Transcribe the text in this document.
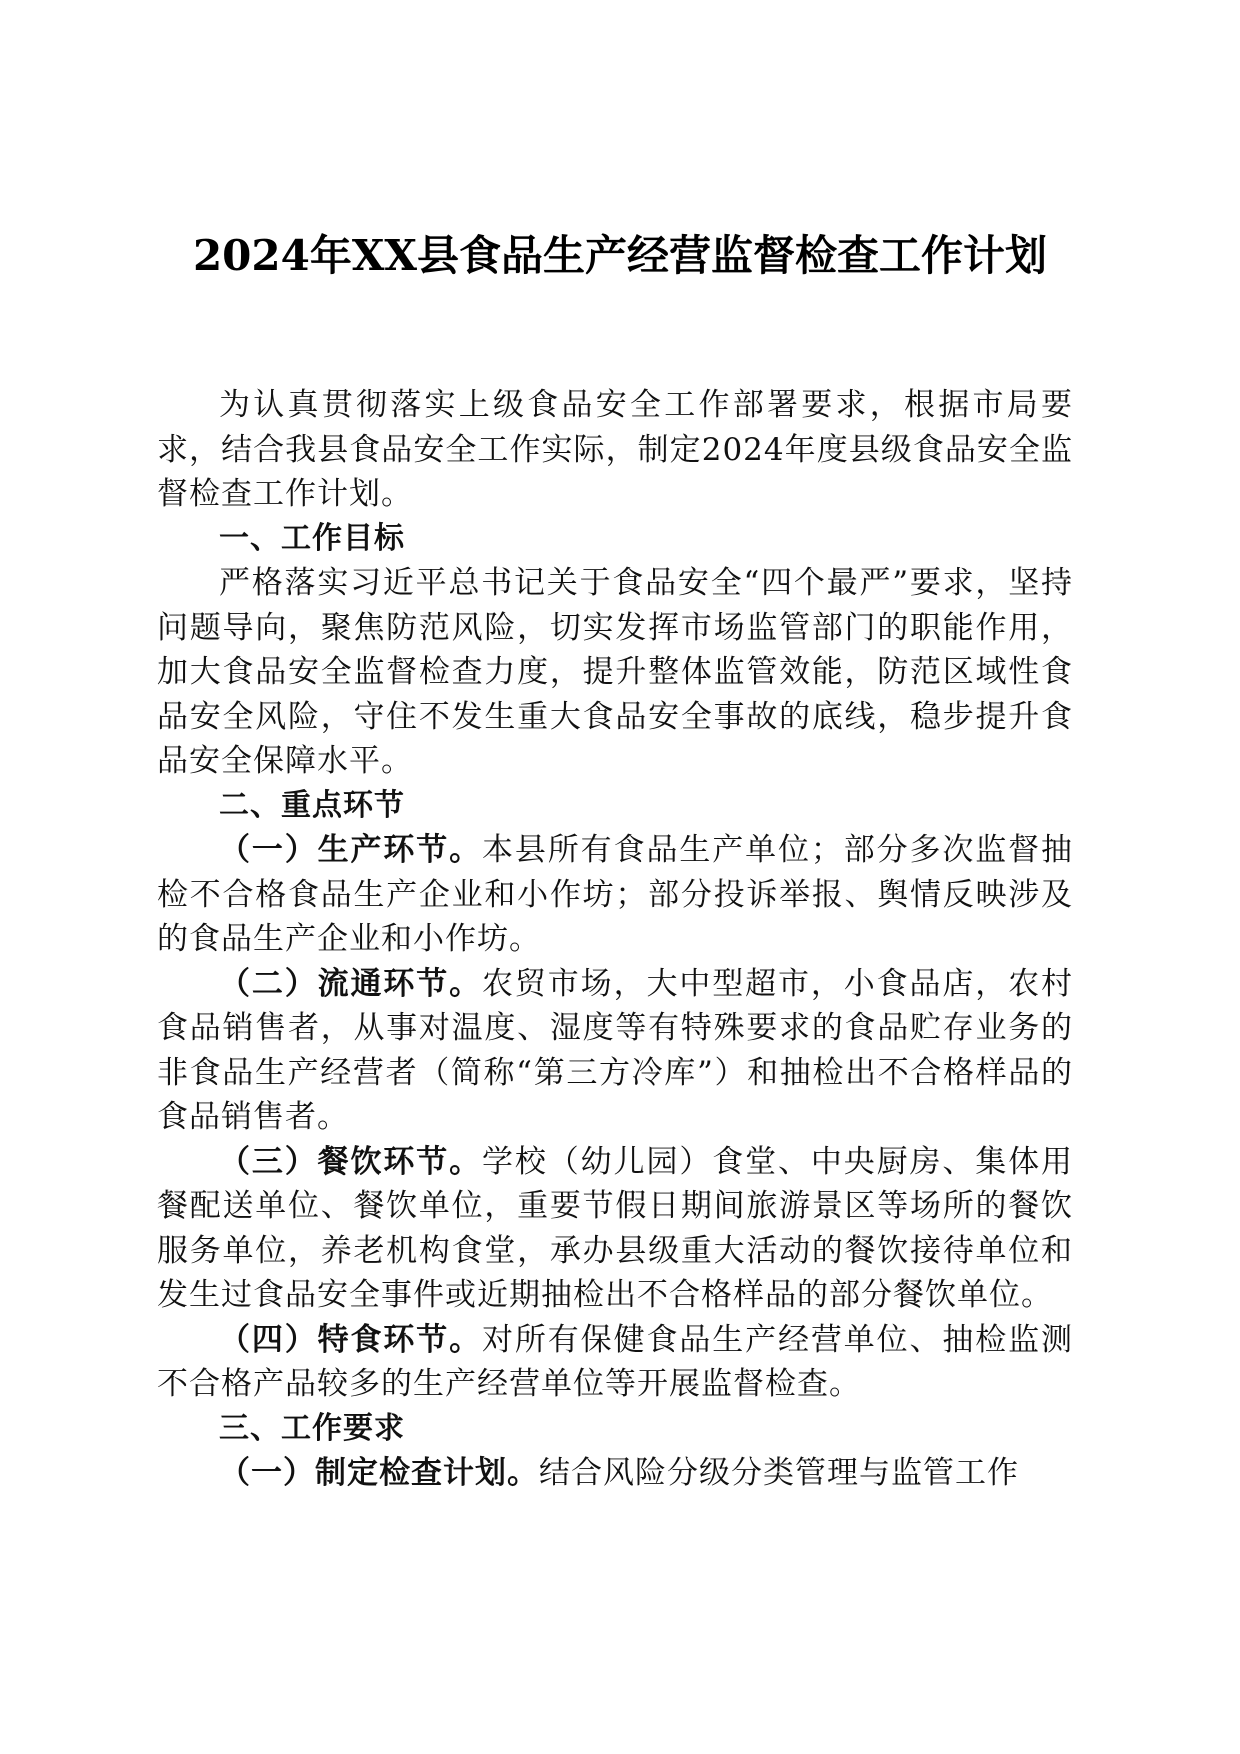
2024年XX县食品生产经营监督检查工作计划

为认真贯彻落实上级食品安全工作部署要求，根据市局要求，结合我县食品安全工作实际，制定2024年度县级食品安全监督检查工作计划。

一、工作目标

严格落实习近平总书记关于食品安全“四个最严”要求，坚持问题导向，聚焦防范风险，切实发挥市场监管部门的职能作用，加大食品安全监督检查力度，提升整体监管效能，防范区域性食品安全风险，守住不发生重大食品安全事故的底线，稳步提升食品安全保障水平。

二、重点环节

（一）生产环节。本县所有食品生产单位；部分多次监督抽检不合格食品生产企业和小作坊；部分投诉举报、舆情反映涉及的食品生产企业和小作坊。

（二）流通环节。农贸市场，大中型超市，小食品店，农村食品销售者，从事对温度、湿度等有特殊要求的食品贮存业务的非食品生产经营者（简称“第三方冷库”）和抽检出不合格样品的食品销售者。

（三）餐饮环节。学校（幼儿园）食堂、中央厨房、集体用餐配送单位、餐饮单位，重要节假日期间旅游景区等场所的餐饮服务单位，养老机构食堂，承办县级重大活动的餐饮接待单位和发生过食品安全事件或近期抽检出不合格样品的部分餐饮单位。

（四）特食环节。对所有保健食品生产经营单位、抽检监测不合格产品较多的生产经营单位等开展监督检查。

三、工作要求

（一）制定检查计划。结合风险分级分类管理与监管工作
